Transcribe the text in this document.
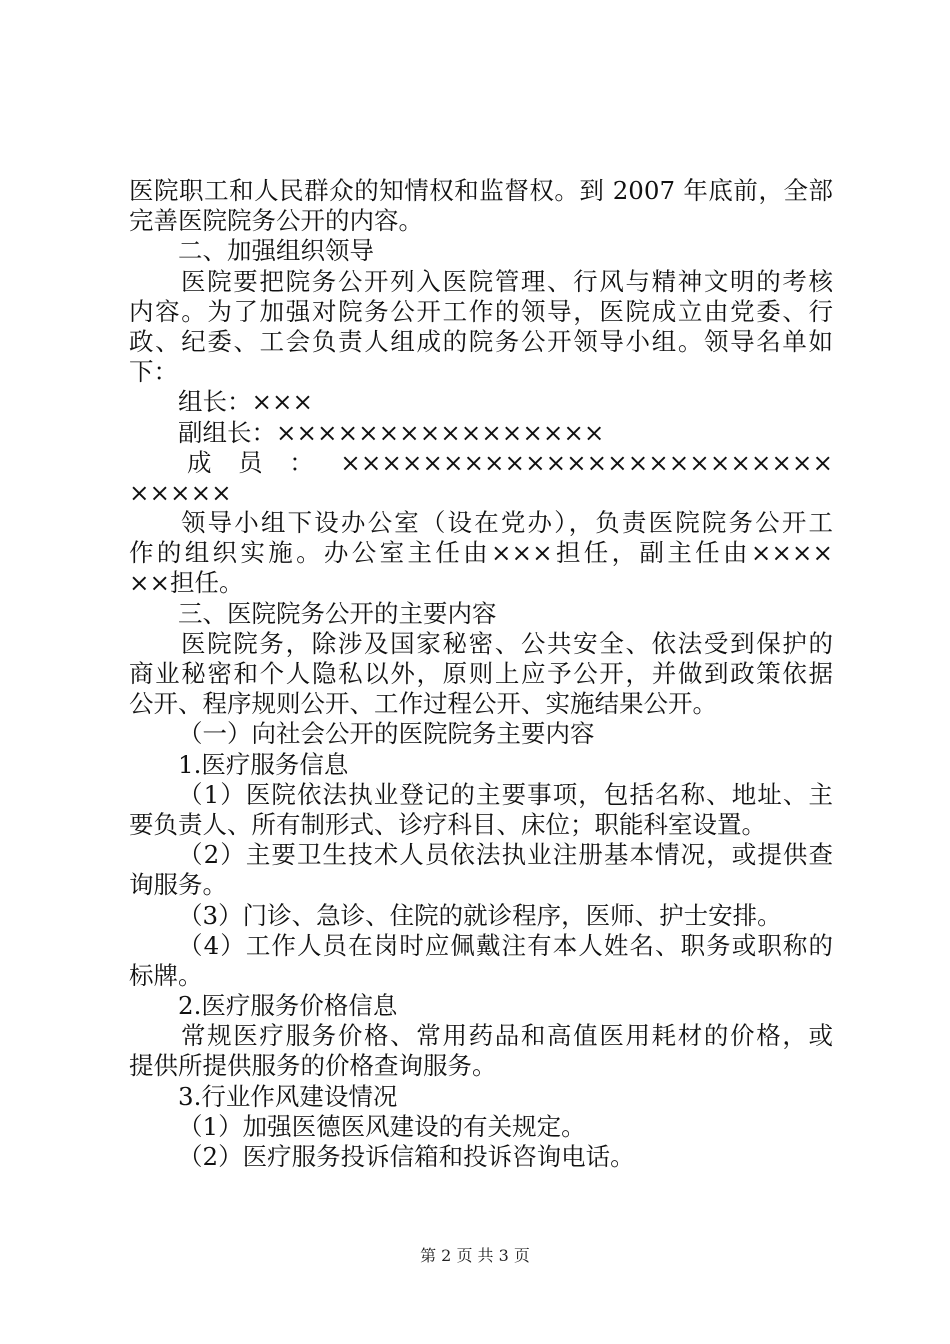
医院职工和人民群众的知情权和监督权。到 2007 年底前，全部
完善医院院务公开的内容。
二、加强组织领导
医院要把院务公开列入医院管理、行风与精神文明的考核
内容。为了加强对院务公开工作的领导，医院成立由党委、行
政、纪委、工会负责人组成的院务公开领导小组。领导名单如
下：
组长：×××
副组长：××××××××××××××××
成员：××××××××××××××××××××××××
×××××
领导小组下设办公室（设在党办），负责医院院务公开工
作的组织实施。办公室主任由×××担任，副主任由××××
××担任。
三、医院院务公开的主要内容
医院院务，除涉及国家秘密、公共安全、依法受到保护的
商业秘密和个人隐私以外，原则上应予公开，并做到政策依据
公开、程序规则公开、工作过程公开、实施结果公开。
（一）向社会公开的医院院务主要内容
1.医疗服务信息
（1）医院依法执业登记的主要事项，包括名称、地址、主
要负责人、所有制形式、诊疗科目、床位；职能科室设置。
（2）主要卫生技术人员依法执业注册基本情况，或提供查
询服务。
（3）门诊、急诊、住院的就诊程序，医师、护士安排。
（4）工作人员在岗时应佩戴注有本人姓名、职务或职称的
标牌。
2.医疗服务价格信息
常规医疗服务价格、常用药品和高值医用耗材的价格，或
提供所提供服务的价格查询服务。
3.行业作风建设情况
（1）加强医德医风建设的有关规定。
（2）医疗服务投诉信箱和投诉咨询电话。
第 2 页 共 3 页
